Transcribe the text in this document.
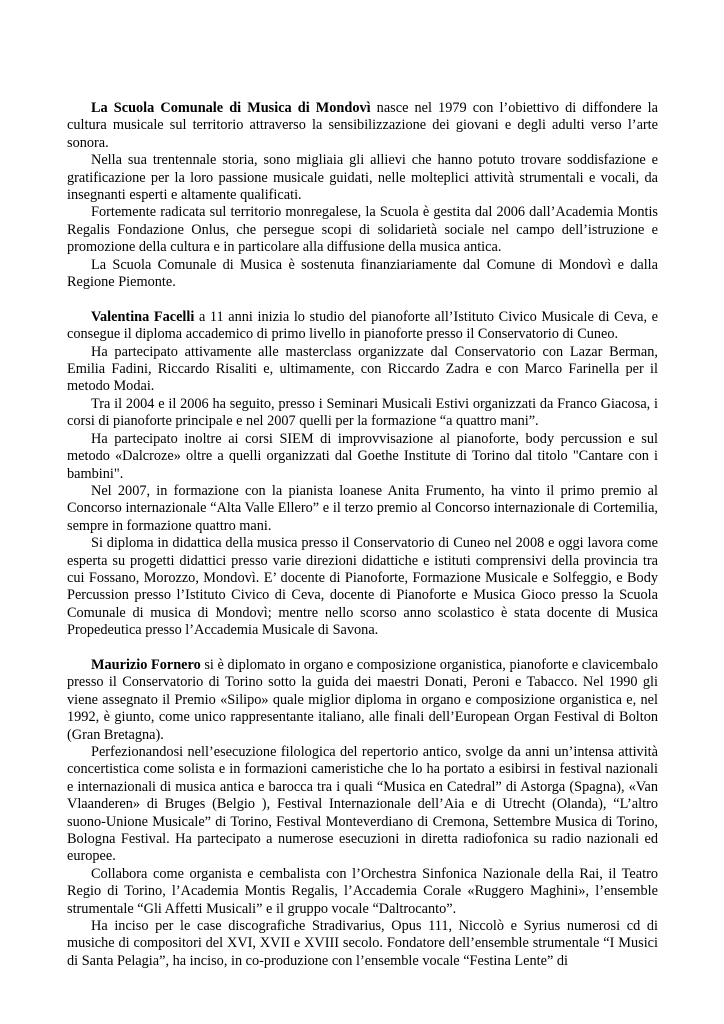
La Scuola Comunale di Musica di Mondovì nasce nel 1979 con l’obiettivo di diffondere la cultura musicale sul territorio attraverso la sensibilizzazione dei giovani e degli adulti verso l’arte sonora.

Nella sua trentennale storia, sono migliaia gli allievi che hanno potuto trovare soddisfazione e gratificazione per la loro passione musicale guidati, nelle molteplici attività strumentali e vocali, da insegnanti esperti e altamente qualificati.

Fortemente radicata sul territorio monregalese, la Scuola è gestita dal 2006 dall’Academia Montis Regalis Fondazione Onlus, che persegue scopi di solidarietà sociale nel campo dell’istruzione e promozione della cultura e in particolare alla diffusione della musica antica.

La Scuola Comunale di Musica è sostenuta finanziariamente dal Comune di Mondovì e dalla Regione Piemonte.

Valentina Facelli a 11 anni inizia lo studio del pianoforte all’Istituto Civico Musicale di Ceva, e consegue il diploma accademico di primo livello in pianoforte presso il Conservatorio di Cuneo.

Ha partecipato attivamente alle masterclass organizzate dal Conservatorio con Lazar Berman, Emilia Fadini, Riccardo Risaliti e, ultimamente, con Riccardo Zadra e con Marco Farinella per il metodo Modai.

Tra il 2004 e il 2006 ha seguito, presso i Seminari Musicali Estivi organizzati da Franco Giacosa, i corsi di pianoforte principale e nel 2007 quelli per la formazione “a quattro mani”.

Ha partecipato inoltre ai corsi SIEM di improvvisazione al pianoforte, body percussion e sul metodo «Dalcroze» oltre a quelli organizzati dal Goethe Institute di Torino dal titolo "Cantare con i bambini".

Nel 2007, in formazione con la pianista loanese Anita Frumento, ha vinto il primo premio al Concorso internazionale “Alta Valle Ellero” e il terzo premio al Concorso internazionale di Cortemilia, sempre in formazione quattro mani.

Si diploma in didattica della musica presso il Conservatorio di Cuneo nel 2008 e oggi lavora come esperta su progetti didattici presso varie direzioni didattiche e istituti comprensivi della provincia tra cui Fossano, Morozzo, Mondovì. E’ docente di Pianoforte, Formazione Musicale e Solfeggio, e Body Percussion presso l’Istituto Civico di Ceva, docente di Pianoforte e Musica Gioco presso la Scuola Comunale di musica di Mondovì; mentre nello scorso anno scolastico è stata docente di Musica Propedeutica presso l’Accademia Musicale di Savona.

Maurizio Fornero si è diplomato in organo e composizione organistica, pianoforte e clavicembalo presso il Conservatorio di Torino sotto la guida dei maestri Donati, Peroni e Tabacco. Nel 1990 gli viene assegnato il Premio «Silipo» quale miglior diploma in organo e composizione organistica e, nel 1992, è giunto, come unico rappresentante italiano, alle finali dell’European Organ Festival di Bolton (Gran Bretagna).

Perfezionandosi nell’esecuzione filologica del repertorio antico, svolge da anni un’intensa attività concertistica come solista e in formazioni cameristiche che lo ha portato a esibirsi in festival nazionali e internazionali di musica antica e barocca tra i quali “Musica en Catedral” di Astorga (Spagna), «Van Vlaanderen» di Bruges (Belgio ), Festival Internazionale dell’Aia e di Utrecht (Olanda), “L’altro suono-Unione Musicale” di Torino, Festival Monteverdiano di Cremona, Settembre Musica di Torino, Bologna Festival. Ha partecipato a numerose esecuzioni in diretta radiofonica su radio nazionali ed europee.

Collabora come organista e cembalista con l’Orchestra Sinfonica Nazionale della Rai, il Teatro Regio di Torino, l’Academia Montis Regalis, l’Accademia Corale «Ruggero Maghini», l’ensemble strumentale “Gli Affetti Musicali” e il gruppo vocale “Daltrocanto”.

Ha inciso per le case discografiche Stradivarius, Opus 111, Niccolò e Syrius numerosi cd di musiche di compositori del XVI, XVII e XVIII secolo. Fondatore dell’ensemble strumentale “I Musici di Santa Pelagia”, ha inciso, in co-produzione con l’ensemble vocale “Festina Lente” di
